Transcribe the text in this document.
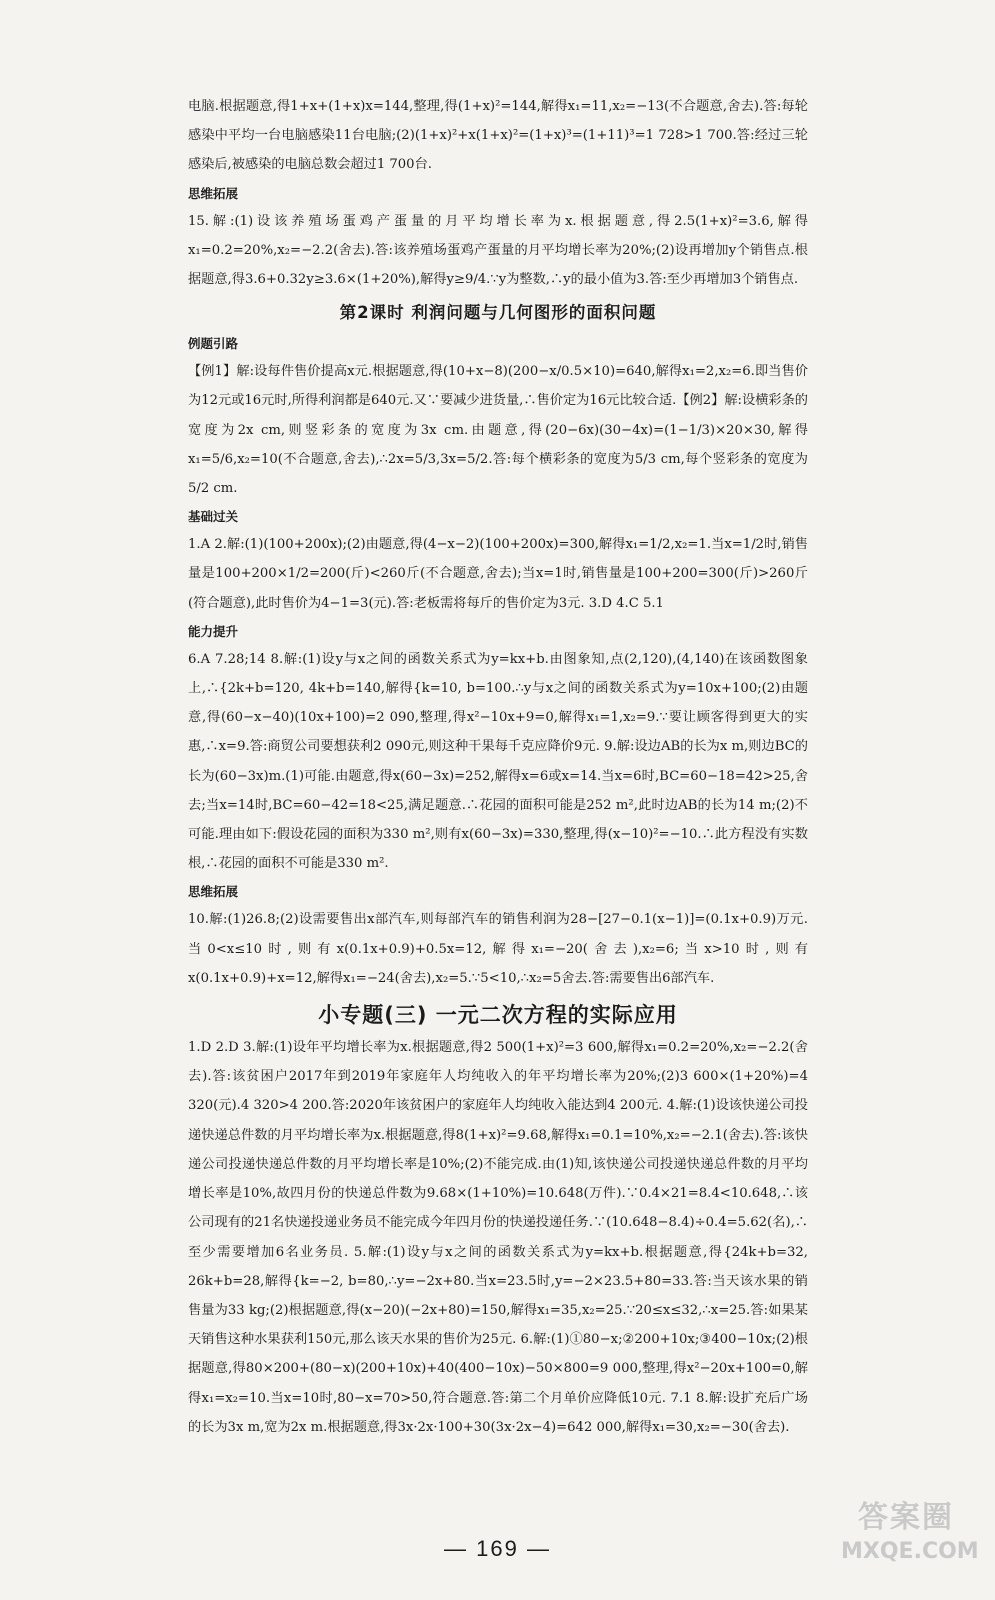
电脑.根据题意,得1+x+(1+x)x=144,整理,得(1+x)²=144,解得x₁=11,x₂=−13(不合题意,舍去).答:每轮感染中平均一台电脑感染11台电脑;(2)(1+x)²+x(1+x)²=(1+x)³=(1+11)³=1 728>1 700.答:经过三轮感染后,被感染的电脑总数会超过1 700台.

思维拓展

15.解:(1)设该养殖场蛋鸡产蛋量的月平均增长率为x.根据题意,得2.5(1+x)²=3.6,解得x₁=0.2=20%,x₂=−2.2(舍去).答:该养殖场蛋鸡产蛋量的月平均增长率为20%;(2)设再增加y个销售点.根据题意,得3.6+0.32y≥3.6×(1+20%),解得y≥9/4.∵y为整数,∴y的最小值为3.答:至少再增加3个销售点.

第2课时 利润问题与几何图形的面积问题

例题引路

【例1】解:设每件售价提高x元.根据题意,得(10+x−8)(200−x/0.5×10)=640,解得x₁=2,x₂=6.即当售价为12元或16元时,所得利润都是640元.又∵要减少进货量,∴售价定为16元比较合适.【例2】解:设横彩条的宽度为2x cm,则竖彩条的宽度为3x cm.由题意,得(20−6x)(30−4x)=(1−1/3)×20×30,解得x₁=5/6,x₂=10(不合题意,舍去),∴2x=5/3,3x=5/2.答:每个横彩条的宽度为5/3 cm,每个竖彩条的宽度为5/2 cm.

基础过关

1.A 2.解:(1)(100+200x);(2)由题意,得(4−x−2)(100+200x)=300,解得x₁=1/2,x₂=1.当x=1/2时,销售量是100+200×1/2=200(斤)<260斤(不合题意,舍去);当x=1时,销售量是100+200=300(斤)>260斤(符合题意),此时售价为4−1=3(元).答:老板需将每斤的售价定为3元. 3.D 4.C 5.1

能力提升

6.A 7.28;14 8.解:(1)设y与x之间的函数关系式为y=kx+b.由图象知,点(2,120),(4,140)在该函数图象上,∴{2k+b=120, 4k+b=140,解得{k=10, b=100.∴y与x之间的函数关系式为y=10x+100;(2)由题意,得(60−x−40)(10x+100)=2 090,整理,得x²−10x+9=0,解得x₁=1,x₂=9.∵要让顾客得到更大的实惠,∴x=9.答:商贸公司要想获利2 090元,则这种干果每千克应降价9元. 9.解:设边AB的长为x m,则边BC的长为(60−3x)m.(1)可能.由题意,得x(60−3x)=252,解得x=6或x=14.当x=6时,BC=60−18=42>25,舍去;当x=14时,BC=60−42=18<25,满足题意.∴花园的面积可能是252 m²,此时边AB的长为14 m;(2)不可能.理由如下:假设花园的面积为330 m²,则有x(60−3x)=330,整理,得(x−10)²=−10.∴此方程没有实数根,∴花园的面积不可能是330 m².

思维拓展

10.解:(1)26.8;(2)设需要售出x部汽车,则每部汽车的销售利润为28−[27−0.1(x−1)]=(0.1x+0.9)万元.当0<x≤10时,则有x(0.1x+0.9)+0.5x=12,解得x₁=−20(舍去),x₂=6;当x>10时,则有x(0.1x+0.9)+x=12,解得x₁=−24(舍去),x₂=5.∵5<10,∴x₂=5舍去.答:需要售出6部汽车.

小专题(三) 一元二次方程的实际应用

1.D 2.D 3.解:(1)设年平均增长率为x.根据题意,得2 500(1+x)²=3 600,解得x₁=0.2=20%,x₂=−2.2(舍去).答:该贫困户2017年到2019年家庭年人均纯收入的年平均增长率为20%;(2)3 600×(1+20%)=4 320(元).4 320>4 200.答:2020年该贫困户的家庭年人均纯收入能达到4 200元. 4.解:(1)设该快递公司投递快递总件数的月平均增长率为x.根据题意,得8(1+x)²=9.68,解得x₁=0.1=10%,x₂=−2.1(舍去).答:该快递公司投递快递总件数的月平均增长率是10%;(2)不能完成.由(1)知,该快递公司投递快递总件数的月平均增长率是10%,故四月份的快递总件数为9.68×(1+10%)=10.648(万件).∵0.4×21=8.4<10.648,∴该公司现有的21名快递投递业务员不能完成今年四月份的快递投递任务.∵(10.648−8.4)÷0.4=5.62(名),∴至少需要增加6名业务员. 5.解:(1)设y与x之间的函数关系式为y=kx+b.根据题意,得{24k+b=32, 26k+b=28,解得{k=−2, b=80,∴y=−2x+80.当x=23.5时,y=−2×23.5+80=33.答:当天该水果的销售量为33 kg;(2)根据题意,得(x−20)(−2x+80)=150,解得x₁=35,x₂=25.∵20≤x≤32,∴x=25.答:如果某天销售这种水果获利150元,那么该天水果的售价为25元. 6.解:(1)①80−x;②200+10x;③400−10x;(2)根据题意,得80×200+(80−x)(200+10x)+40(400−10x)−50×800=9 000,整理,得x²−20x+100=0,解得x₁=x₂=10.当x=10时,80−x=70>50,符合题意.答:第二个月单价应降低10元. 7.1 8.解:设扩充后广场的长为3x m,宽为2x m.根据题意,得3x·2x·100+30(3x·2x−4)=642 000,解得x₁=30,x₂=−30(舍去).

— 169 —
答案圈
MXQE.COM
